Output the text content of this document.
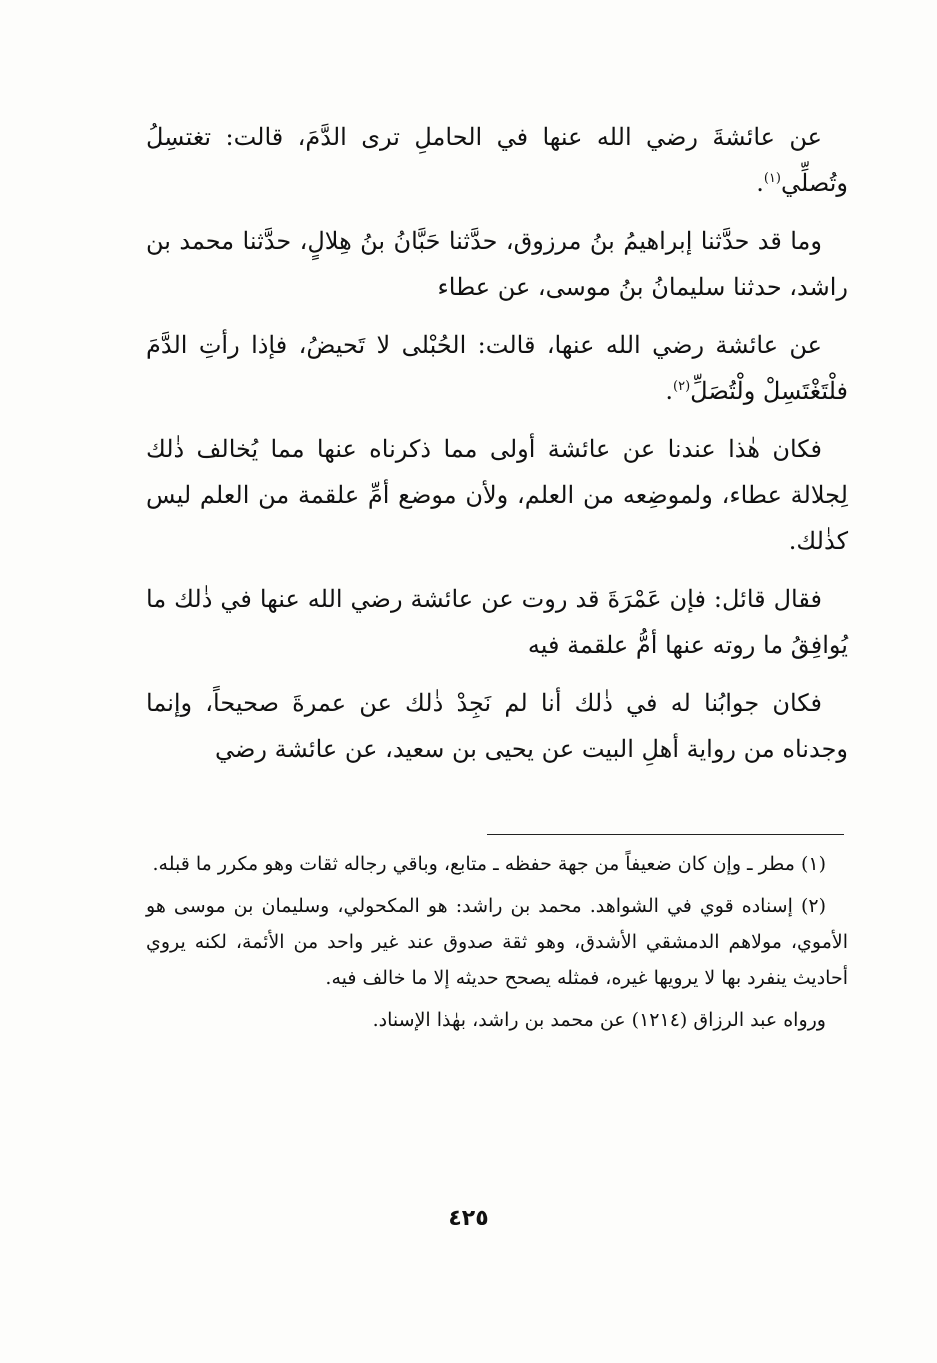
عن عائشةَ رضي الله عنها في الحاملِ ترى الدَّمَ، قالت: تغتسِلُ وتُصلِّي$^{(١)}$.

وما قد حدَّثنا إبراهيمُ بنُ مرزوق، حدَّثنا حَبَّانُ بنُ هِلالٍ، حدَّثنا محمد بن راشد، حدثنا سليمانُ بنُ موسى، عن عطاء

عن عائشة رضي الله عنها، قالت: الحُبْلى لا تَحيضُ، فإذا رأتِ الدَّمَ فلْتَغْتَسِلْ ولْتُصَلِّ$^{(٢)}$.

فكان هٰذا عندنا عن عائشة أولى مما ذكرناه عنها مما يُخالف ذٰلك لِجلالة عطاء، ولموضِعه من العلم، ولأن موضع أمِّ علقمة من العلم ليس كذٰلك.

فقال قائل: فإن عَمْرَةَ قد روت عن عائشة رضي الله عنها في ذٰلك ما يُوافِقُ ما روته عنها أمُّ علقمة فيه

فكان جوابُنا له في ذٰلك أنا لم نَجِدْ ذٰلك عن عمرةَ صحيحاً، وإنما وجدناه من رواية أهلِ البيت عن يحيى بن سعيد، عن عائشة رضي

(١) مطر ـ وإن كان ضعيفاً من جهة حفظه ـ متابع، وباقي رجاله ثقات وهو مكرر ما قبله.

(٢) إسناده قوي في الشواهد. محمد بن راشد: هو المكحولي، وسليمان بن موسى هو الأموي، مولاهم الدمشقي الأشدق، وهو ثقة صدوق عند غير واحد من الأئمة، لكنه يروي أحاديث ينفرد بها لا يرويها غيره، فمثله يصحح حديثه إلا ما خالف فيه.

ورواه عبد الرزاق (١٢١٤) عن محمد بن راشد، بهٰذا الإسناد.

٤٢٥
